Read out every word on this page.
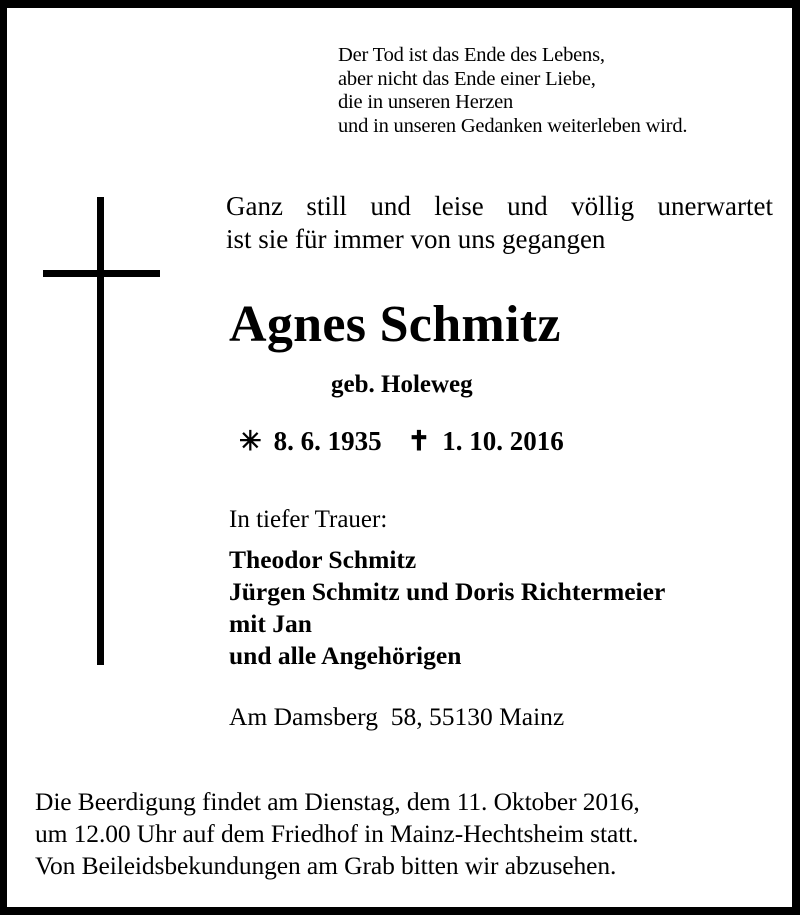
Der Tod ist das Ende des Lebens,
aber nicht das Ende einer Liebe,
die in unseren Herzen
und in unseren Gedanken weiterleben wird.
Ganz still und leise und völlig unerwartet
ist sie für immer von uns gegangen
Agnes Schmitz
geb. Holeweg
✳ 8. 6. 1935 ✝ 1. 10. 2016
In tiefer Trauer:
Theodor Schmitz
Jürgen Schmitz und Doris Richtermeier
mit Jan
und alle Angehörigen
Am Damsberg  58, 55130 Mainz
Die Beerdigung findet am Dienstag, dem 11. Oktober 2016,
um 12.00 Uhr auf dem Friedhof in Mainz-Hechtsheim statt.
Von Beileidsbekundungen am Grab bitten wir abzusehen.
